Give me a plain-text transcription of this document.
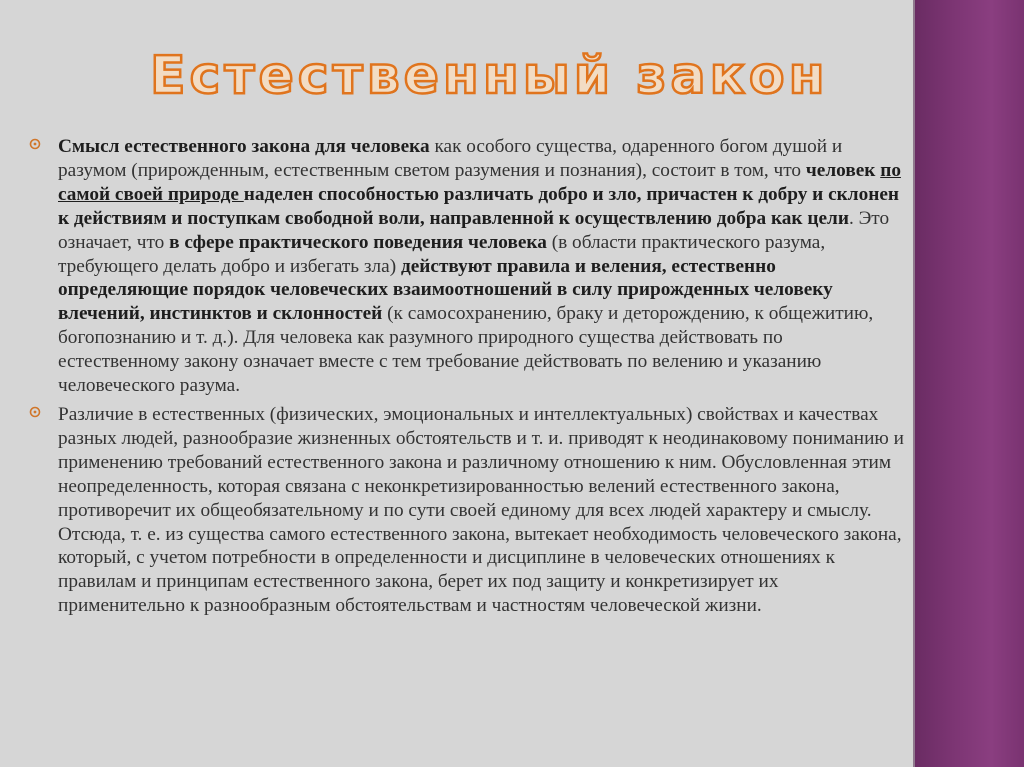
Естественный закон
Смысл естественного закона для человека как особого существа, одаренного богом душой и разумом (прирожденным, естественным светом разумения и познания), состоит в том, что человек по самой своей природе наделен способностью различать добро и зло, причастен к добру и склонен к действиям и поступкам свободной воли, направленной к осуществлению добра как цели. Это означает, что в сфере практического поведения человека (в области практического разума, требующего делать добро и избегать зла) действуют правила и веления, естественно определяющие порядок человеческих взаимоотношений в силу прирожденных человеку влечений, инстинктов и склонностей (к самосохранению, браку и деторождению, к общежитию, богопознанию и т. д.). Для человека как разумного природного существа действовать по естественному закону означает вместе с тем требование действовать по велению и указанию человеческого разума.
Различие в естественных (физических, эмоциональных и интеллектуальных) свойствах и качествах разных людей, разнообразие жизненных обстоятельств и т. и. приводят к неодинаковому пониманию и применению требований естественного закона и различному отношению к ним. Обусловленная этим неопределенность, которая связана с неконкретизированностью велений естественного закона, противоречит их общеобязательному и по сути своей единому для всех людей характеру и смыслу. Отсюда, т. е. из существа самого естественного закона, вытекает необходимость человеческого закона, который, с учетом потребности в определенности и дисциплине в человеческих отношениях к правилам и принципам естественного закона, берет их под защиту и конкретизирует их применительно к разнообразным обстоятельствам и частностям человеческой жизни.
